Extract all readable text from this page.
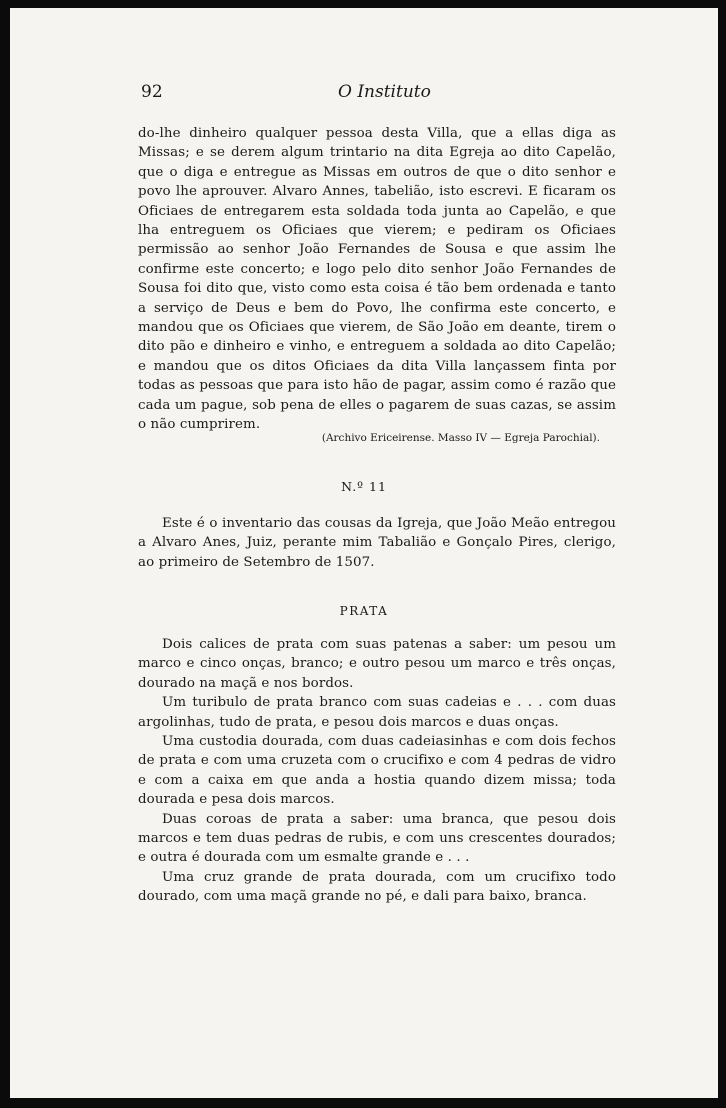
92	O Instituto

do-lhe dinheiro qualquer pessoa desta Villa, que a ellas diga as Missas; e se derem algum trintario na dita Egreja ao dito Capelão, que o diga e entregue as Missas em outros de que o dito senhor e povo lhe aprouver. Alvaro Annes, tabelião, isto escrevi. E ficaram os Oficiaes de entregarem esta soldada toda junta ao Capelão, e que lha entreguem os Oficiaes que vierem; e pediram os Oficiaes permissão ao senhor João Fernandes de Sousa e que assim lhe confirme este concerto; e logo pelo dito senhor João Fernandes de Sousa foi dito que, visto como esta coisa é tão bem ordenada e tanto a serviço de Deus e bem do Povo, lhe confirma este concerto, e mandou que os Oficiaes que vierem, de São João em deante, tirem o dito pão e dinheiro e vinho, e entreguem a soldada ao dito Capelão; e mandou que os ditos Oficiaes da dita Villa lançassem finta por todas as pessoas que para isto hão de pagar, assim como é razão que cada um pague, sob pena de elles o pagarem de suas cazas, se assim o não cumprirem.

(Archivo Ericeirense. Masso IV — Egreja Parochial).
N.º 11

Este é o inventario das cousas da Igreja, que João Meão entregou a Alvaro Anes, Juiz, perante mim Tabalião e Gonçalo Pires, clerigo, ao primeiro de Setembro de 1507.

PRATA

Dois calices de prata com suas patenas a saber: um pesou um marco e cinco onças, branco; e outro pesou um marco e três onças, dourado na maçã e nos bordos.

Um turibulo de prata branco com suas cadeias e . . . com duas argolinhas, tudo de prata, e pesou dois marcos e duas onças.

Uma custodia dourada, com duas cadeiasinhas e com dois fechos de prata e com uma cruzeta com o crucifixo e com 4 pedras de vidro e com a caixa em que anda a hostia quando dizem missa; toda dourada e pesa dois marcos.

Duas coroas de prata a saber: uma branca, que pesou dois marcos e tem duas pedras de rubis, e com uns crescentes dourados; e outra é dourada com um esmalte grande e . . .

Uma cruz grande de prata dourada, com um crucifixo todo dourado, com uma maçã grande no pé, e dali para baixo, branca.
